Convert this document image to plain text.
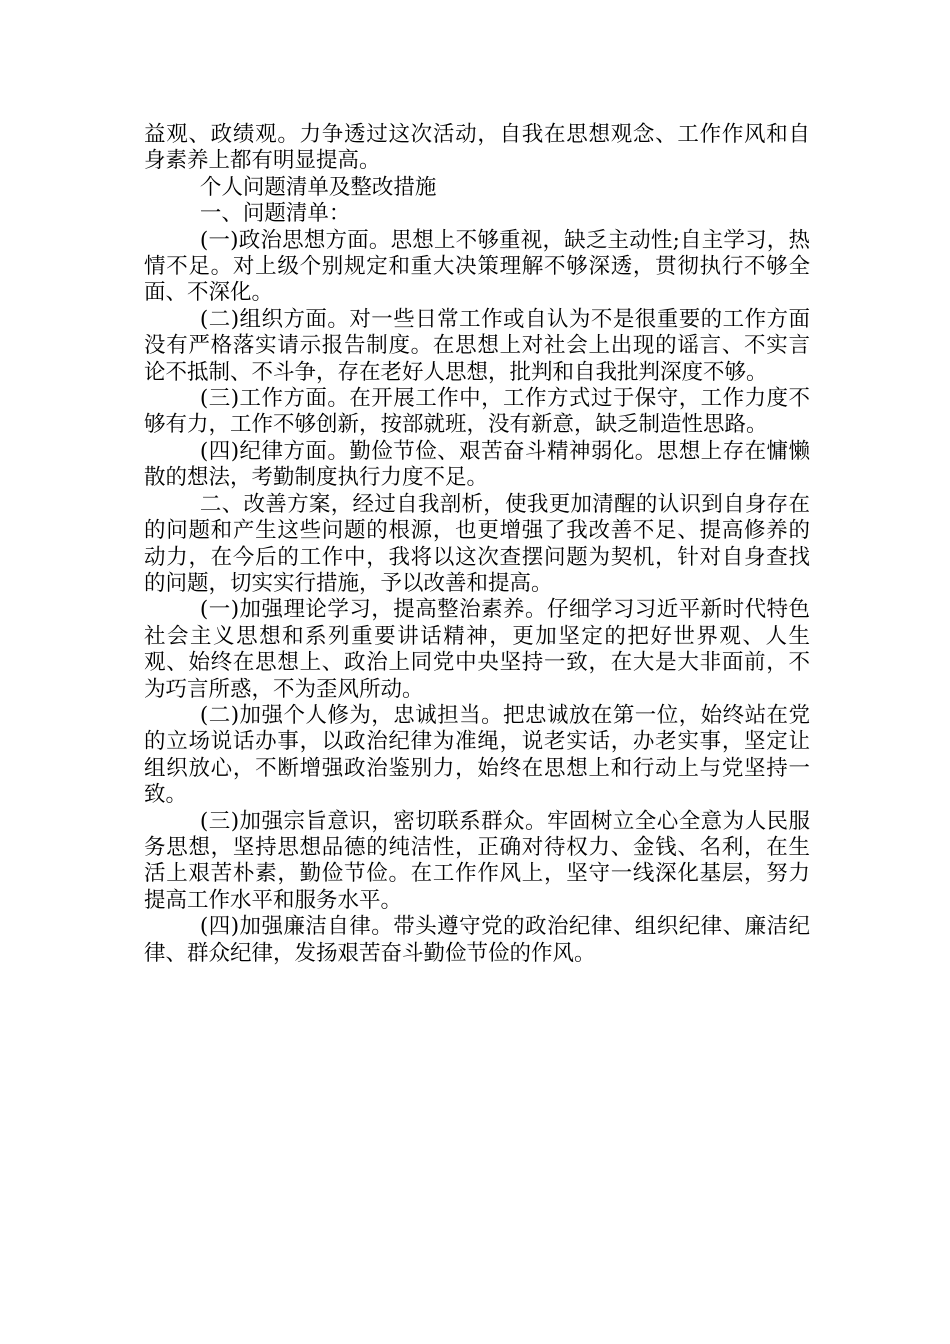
益观、政绩观。力争透过这次活动，自我在思想观念、工作作风和自身素养上都有明显提高。

个人问题清单及整改措施

一、问题清单：

(一)政治思想方面。思想上不够重视，缺乏主动性;自主学习，热情不足。对上级个别规定和重大决策理解不够深透，贯彻执行不够全面、不深化。

(二)组织方面。对一些日常工作或自认为不是很重要的工作方面没有严格落实请示报告制度。在思想上对社会上出现的谣言、不实言论不抵制、不斗争，存在老好人思想，批判和自我批判深度不够。

(三)工作方面。在开展工作中，工作方式过于保守，工作力度不够有力，工作不够创新，按部就班，没有新意，缺乏制造性思路。

(四)纪律方面。勤俭节俭、艰苦奋斗精神弱化。思想上存在慵懒散的想法，考勤制度执行力度不足。

二、改善方案，经过自我剖析，使我更加清醒的认识到自身存在的问题和产生这些问题的根源，也更增强了我改善不足、提高修养的动力，在今后的工作中，我将以这次查摆问题为契机，针对自身查找的问题，切实实行措施，予以改善和提高。

(一)加强理论学习，提高整治素养。仔细学习习近平新时代特色社会主义思想和系列重要讲话精神，更加坚定的把好世界观、人生观、始终在思想上、政治上同党中央坚持一致，在大是大非面前，不为巧言所惑，不为歪风所动。

(二)加强个人修为，忠诚担当。把忠诚放在第一位，始终站在党的立场说话办事，以政治纪律为准绳，说老实话，办老实事，坚定让组织放心，不断增强政治鉴别力，始终在思想上和行动上与党坚持一致。

(三)加强宗旨意识，密切联系群众。牢固树立全心全意为人民服务思想，坚持思想品德的纯洁性，正确对待权力、金钱、名利，在生活上艰苦朴素，勤俭节俭。在工作作风上，坚守一线深化基层，努力提高工作水平和服务水平。

(四)加强廉洁自律。带头遵守党的政治纪律、组织纪律、廉洁纪律、群众纪律，发扬艰苦奋斗勤俭节俭的作风。
